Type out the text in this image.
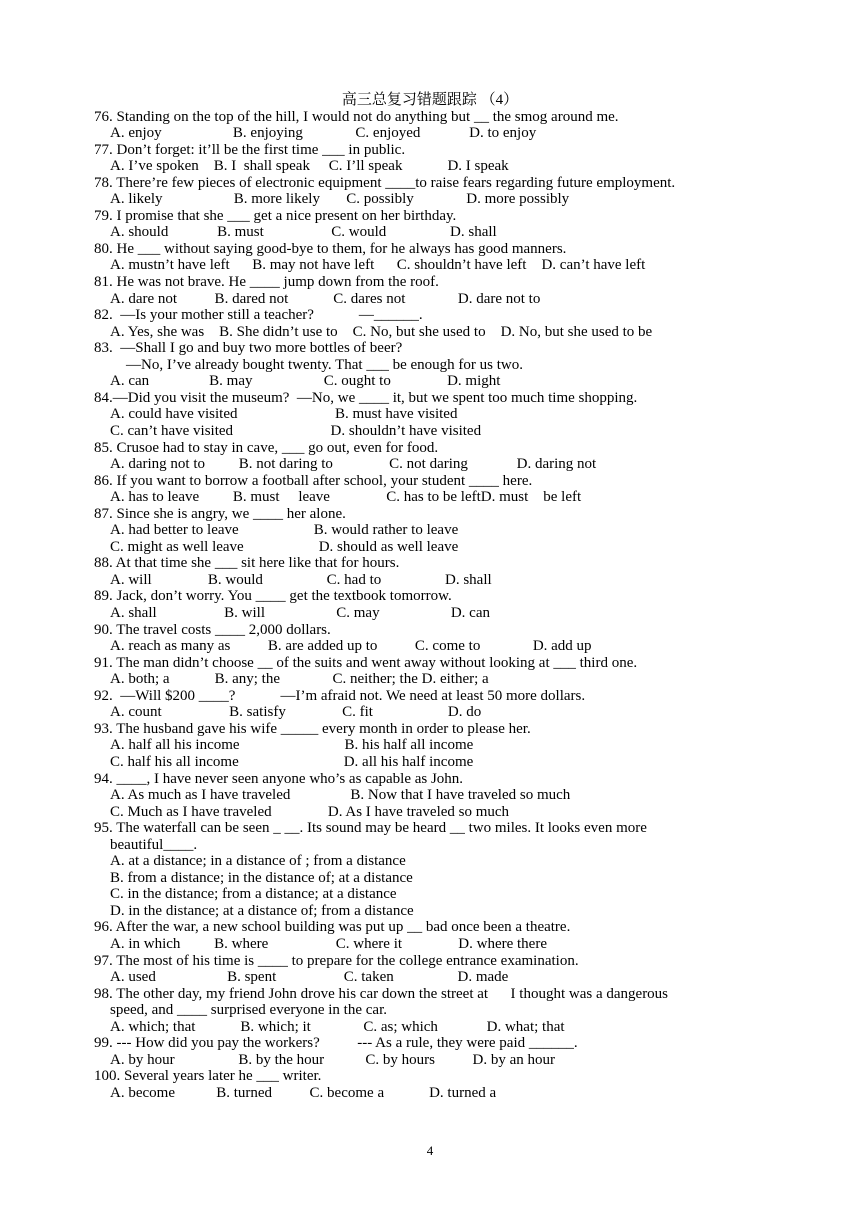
高三总复习错题跟踪 （4）
76. Standing on the top of the hill, I would not do anything but __ the smog around me.
A. enjoy                   B. enjoying              C. enjoyed             D. to enjoy
77. Don’t forget: it’ll be the first time ___ in public.
A. I’ve spoken    B. I  shall speak     C. I’ll speak            D. I speak
78. There’re few pieces of electronic equipment ____to raise fears regarding future employment.
A. likely                   B. more likely       C. possibly              D. more possibly
79. I promise that she ___ get a nice present on her birthday.
A. should             B. must                  C. would                 D. shall
80. He ___ without saying good-bye to them, for he always has good manners.
A. mustn’t have left      B. may not have left      C. shouldn’t have left    D. can’t have left
81. He was not brave. He ____ jump down from the roof.
A. dare not          B. dared not            C. dares not              D. dare not to
82.  —Is your mother still a teacher?            —______.
A. Yes, she was    B. She didn’t use to    C. No, but she used to    D. No, but she used to be
83.  —Shall I go and buy two more bottles of beer?
—No, I’ve already bought twenty. That ___ be enough for us two.
A. can                B. may                   C. ought to               D. might
84.—Did you visit the museum?  —No, we ____ it, but we spent too much time shopping.
A. could have visited                          B. must have visited
C. can’t have visited                          D. shouldn’t have visited
85. Crusoe had to stay in cave, ___ go out, even for food.
A. daring not to         B. not daring to               C. not daring             D. daring not
86. If you want to borrow a football after school, your student ____ here.
A. has to leave         B. must     leave               C. has to be leftD. must    be left
87. Since she is angry, we ____ her alone.
A. had better to leave                    B. would rather to leave
C. might as well leave                    D. should as well leave
88. At that time she ___ sit here like that for hours.
A. will               B. would                 C. had to                 D. shall
89. Jack, don’t worry. You ____ get the textbook tomorrow.
A. shall                  B. will                   C. may                   D. can
90. The travel costs ____ 2,000 dollars.
A. reach as many as          B. are added up to          C. come to              D. add up
91. The man didn’t choose __ of the suits and went away without looking at ___ third one.
A. both; a            B. any; the              C. neither; the D. either; a
92.  —Will $200 ____?            —I’m afraid not. We need at least 50 more dollars.
A. count                  B. satisfy               C. fit                    D. do
93. The husband gave his wife _____ every month in order to please her.
A. half all his income                            B. his half all income
C. half his all income                            D. all his half income
94. ____, I have never seen anyone who’s as capable as John.
A. As much as I have traveled                B. Now that I have traveled so much
C. Much as I have traveled               D. As I have traveled so much
95. The waterfall can be seen _ __. Its sound may be heard __ two miles. It looks even more
beautiful____.
A. at a distance; in a distance of ; from a distance
B. from a distance; in the distance of; at a distance
C. in the distance; from a distance; at a distance
D. in the distance; at a distance of; from a distance
96. After the war, a new school building was put up __ bad once been a theatre.
A. in which         B. where                  C. where it               D. where there
97. The most of his time is ____ to prepare for the college entrance examination.
A. used                   B. spent                  C. taken                 D. made
98. The other day, my friend John drove his car down the street at      I thought was a dangerous
speed, and ____ surprised everyone in the car.
A. which; that            B. which; it              C. as; which             D. what; that
99. --- How did you pay the workers?          --- As a rule, they were paid ______.
A. by hour                 B. by the hour           C. by hours          D. by an hour
100. Several years later he ___ writer.
A. become           B. turned          C. become a            D. turned a
4
